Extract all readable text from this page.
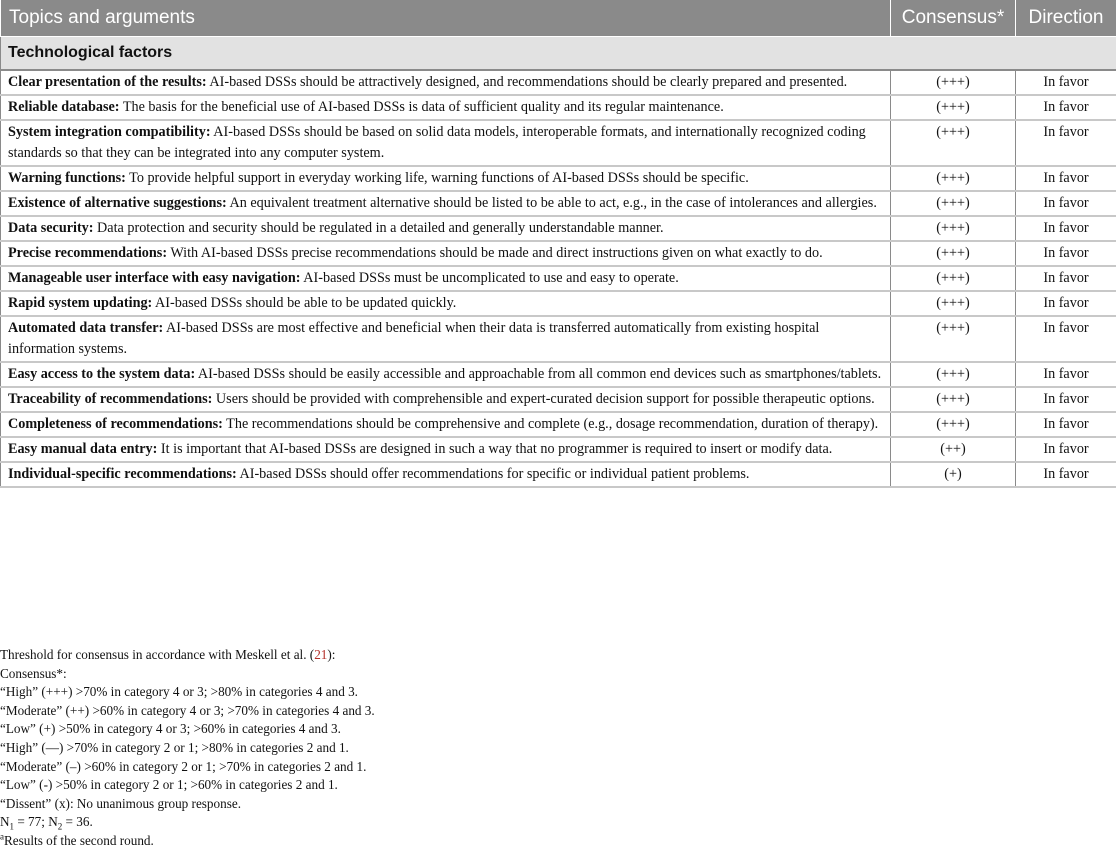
Topics and arguments	Consensus*	Direction
Technological factors		
Clear presentation of the results: AI-based DSSs should be attractively designed, and recommendations should be clearly prepared and presented.	(+++)	In favor
Reliable database: The basis for the beneficial use of AI-based DSSs is data of sufficient quality and its regular maintenance.	(+++)	In favor
System integration compatibility: AI-based DSSs should be based on solid data models, interoperable formats, and internationally recognized coding standards so that they can be integrated into any computer system.	(+++)	In favor
Warning functions: To provide helpful support in everyday working life, warning functions of AI-based DSSs should be specific.	(+++)	In favor
Existence of alternative suggestions: An equivalent treatment alternative should be listed to be able to act, e.g., in the case of intolerances and allergies.	(+++)	In favor
Data security: Data protection and security should be regulated in a detailed and generally understandable manner.	(+++)	In favor
Precise recommendations: With AI-based DSSs precise recommendations should be made and direct instructions given on what exactly to do.	(+++)	In favor
Manageable user interface with easy navigation: AI-based DSSs must be uncomplicated to use and easy to operate.	(+++)	In favor
Rapid system updating: AI-based DSSs should be able to be updated quickly.	(+++)	In favor
Automated data transfer: AI-based DSSs are most effective and beneficial when their data is transferred automatically from existing hospital information systems.	(+++)	In favor
Easy access to the system data: AI-based DSSs should be easily accessible and approachable from all common end devices such as smartphones/tablets.	(+++)	In favor
Traceability of recommendations: Users should be provided with comprehensible and expert-curated decision support for possible therapeutic options.	(+++)	In favor
Completeness of recommendations: The recommendations should be comprehensive and complete (e.g., dosage recommendation, duration of therapy).	(+++)	In favor
Easy manual data entry: It is important that AI-based DSSs are designed in such a way that no programmer is required to insert or modify data.	(++)	In favor
Individual-specific recommendations: AI-based DSSs should offer recommendations for specific or individual patient problems.	(+)	In favor
Threshold for consensus in accordance with Meskell et al. (21):
Consensus*:
“High” (+++) >70% in category 4 or 3; >80% in categories 4 and 3.
“Moderate” (++) >60% in category 4 or 3; >70% in categories 4 and 3.
“Low” (+) >50% in category 4 or 3; >60% in categories 4 and 3.
“High” (—) >70% in category 2 or 1; >80% in categories 2 and 1.
“Moderate” (–) >60% in category 2 or 1; >70% in categories 2 and 1.
“Low” (-) >50% in category 2 or 1; >60% in categories 2 and 1.
“Dissent” (x): No unanimous group response.
$N_1 = 77$; $N_2 = 36$.
$^a$Results of the second round.
